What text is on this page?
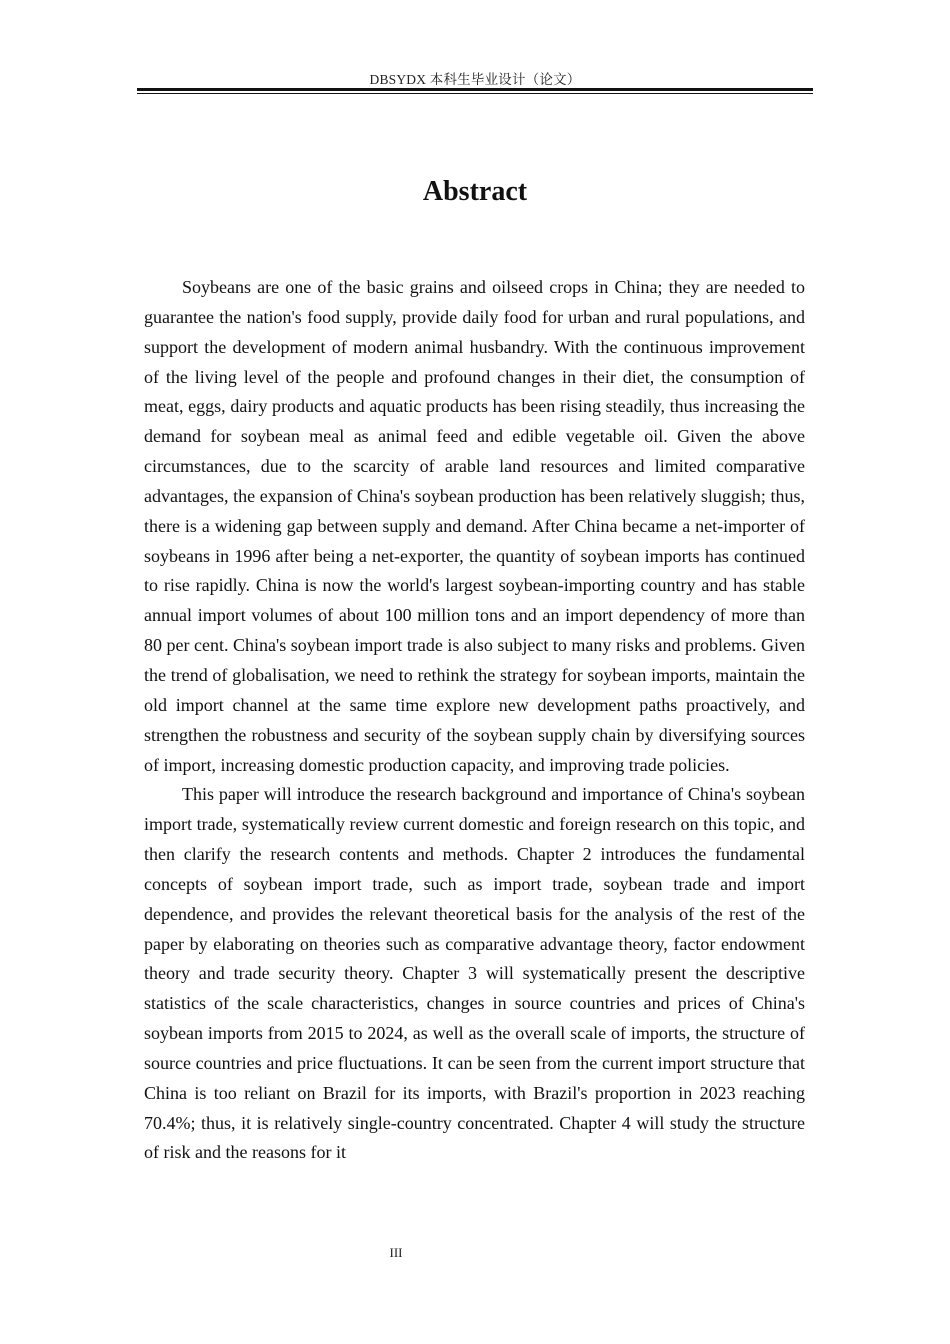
DBSYDX 本科生毕业设计（论文）
Abstract

Soybeans are one of the basic grains and oilseed crops in China; they are needed to guarantee the nation's food supply, provide daily food for urban and rural populations, and support the development of modern animal husbandry. With the continuous improvement of the living level of the people and profound changes in their diet, the consumption of meat, eggs, dairy products and aquatic products has been rising steadily, thus increasing the demand for soybean meal as animal feed and edible vegetable oil. Given the above circumstances, due to the scarcity of arable land resources and limited comparative advantages, the expansion of China's soybean production has been relatively sluggish; thus, there is a widening gap between supply and demand. After China became a net-importer of soybeans in 1996 after being a net-exporter, the quantity of soybean imports has continued to rise rapidly. China is now the world's largest soybean-importing country and has stable annual import volumes of about 100 million tons and an import dependency of more than 80 per cent. China's soybean import trade is also subject to many risks and problems. Given the trend of globalisation, we need to rethink the strategy for soybean imports, maintain the old import channel at the same time explore new development paths proactively, and strengthen the robustness and security of the soybean supply chain by diversifying sources of import, increasing domestic production capacity, and improving trade policies.

This paper will introduce the research background and importance of China's soybean import trade, systematically review current domestic and foreign research on this topic, and then clarify the research contents and methods. Chapter 2 introduces the fundamental concepts of soybean import trade, such as import trade, soybean trade and import dependence, and provides the relevant theoretical basis for the analysis of the rest of the paper by elaborating on theories such as comparative advantage theory, factor endowment theory and trade security theory. Chapter 3 will systematically present the descriptive statistics of the scale characteristics, changes in source countries and prices of China's soybean imports from 2015 to 2024, as well as the overall scale of imports, the structure of source countries and price fluctuations. It can be seen from the current import structure that China is too reliant on Brazil for its imports, with Brazil's proportion in 2023 reaching 70.4%; thus, it is relatively single-country concentrated. Chapter 4 will study the structure of risk and the reasons for it

III
